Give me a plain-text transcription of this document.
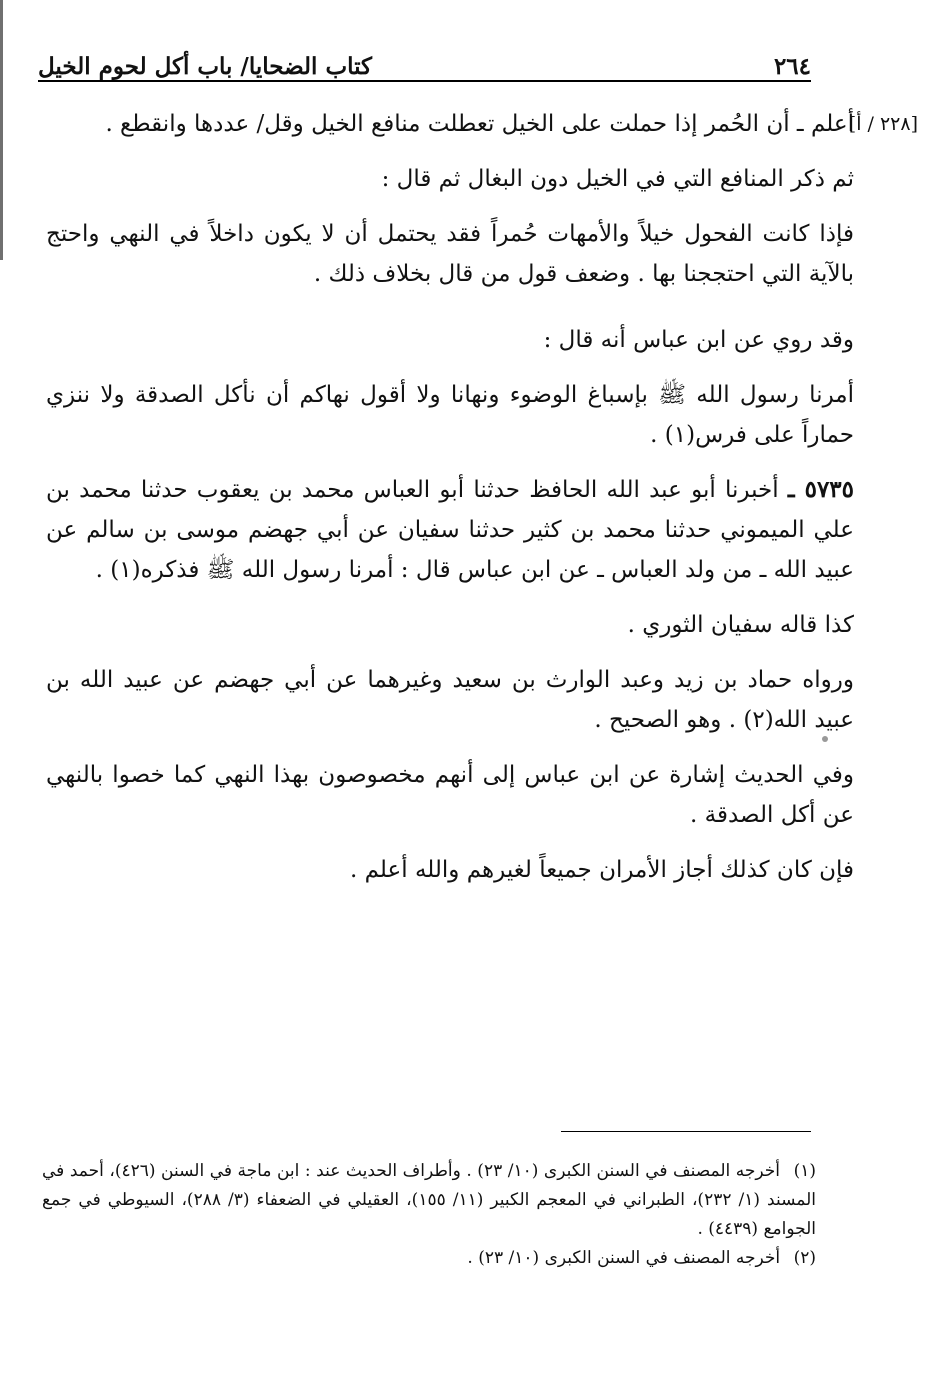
٢٦٤
كتاب الضحايا/ باب أكل لحوم الخيل

[٢٢٨ / أ]
أعلم ـ أن الحُمر إذا حملت على الخيل تعطلت منافع الخيل وقل/ عددها وانقطع .

ثم ذكر المنافع التي في الخيل دون البغال ثم قال :

فإذا كانت الفحول خيلاً والأمهات حُمراً فقد يحتمل أن لا يكون داخلاً في النهي واحتج بالآية التي احتججنا بها . وضعف قول من قال بخلاف ذلك .

وقد روي عن ابن عباس أنه قال :

أمرنا رسول الله ﷺ بإسباغ الوضوء ونهانا ولا أقول نهاكم أن نأكل الصدقة ولا ننزي حماراً على فرس(١) .

٥٧٣٥ ـ أخبرنا أبو عبد الله الحافظ حدثنا أبو العباس محمد بن يعقوب حدثنا محمد بن علي الميموني حدثنا محمد بن كثير حدثنا سفيان عن أبي جهضم موسى بن سالم عن عبيد الله ـ من ولد العباس ـ عن ابن عباس قال : أمرنا رسول الله ﷺ فذكره(١) .

كذا قاله سفيان الثوري .

ورواه حماد بن زيد وعبد الوارث بن سعيد وغيرهما عن أبي جهضم عن عبيد الله بن عبيد الله(٢) . وهو الصحيح .

وفي الحديث إشارة عن ابن عباس إلى أنهم مخصوصون بهذا النهي كما خصوا بالنهي عن أكل الصدقة .

فإن كان كذلك أجاز الأمران جميعاً لغيرهم والله أعلم .

(١) أخرجه المصنف في السنن الكبرى (١٠/ ٢٣) . وأطراف الحديث عند : ابن ماجة في السنن (٤٢٦)، أحمد في المسند (١/ ٢٣٢)، الطبراني في المعجم الكبير (١١/ ١٥٥)، العقيلي في الضعفاء (٣/ ٢٨٨)، السيوطي في جمع الجوامع (٤٤٣٩) .

(٢) أخرجه المصنف في السنن الكبرى (١٠/ ٢٣) .
